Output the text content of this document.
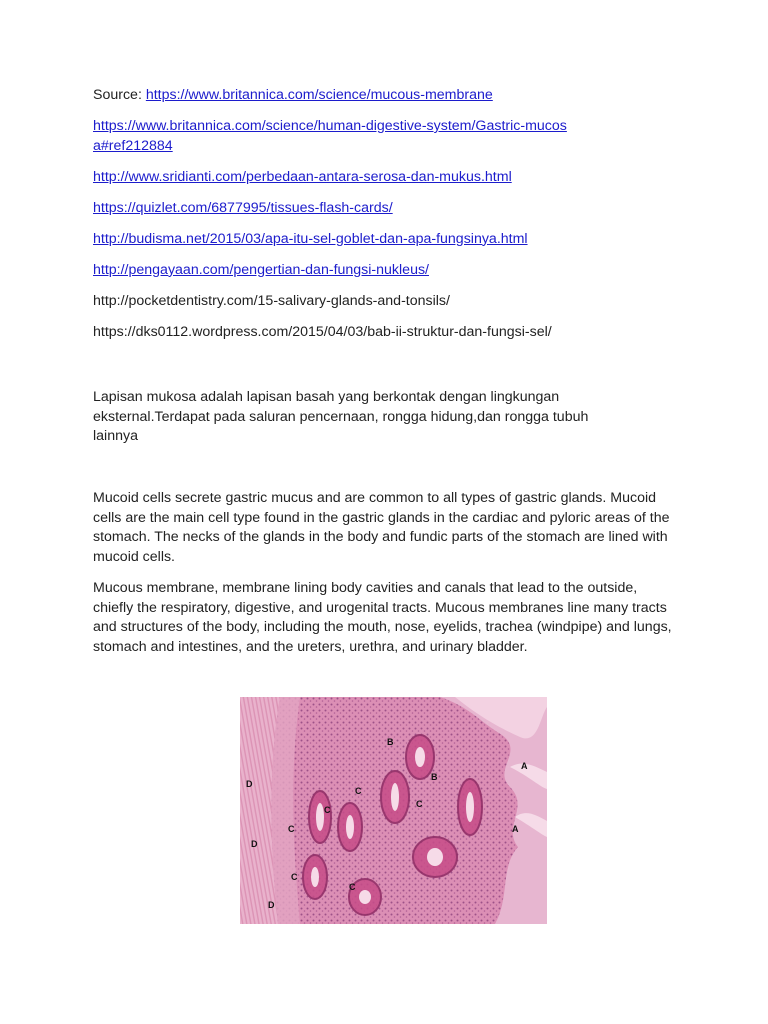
Source: https://www.britannica.com/science/mucous-membrane

https://www.britannica.com/science/human-digestive-system/Gastric-mucosa#ref212884

http://www.sridianti.com/perbedaan-antara-serosa-dan-mukus.html

https://quizlet.com/6877995/tissues-flash-cards/

http://budisma.net/2015/03/apa-itu-sel-goblet-dan-apa-fungsinya.html

http://pengayaan.com/pengertian-dan-fungsi-nukleus/

http://pocketdentistry.com/15-salivary-glands-and-tonsils/

https://dks0112.wordpress.com/2015/04/03/bab-ii-struktur-dan-fungsi-sel/

Lapisan mukosa adalah lapisan basah yang berkontak dengan lingkungan eksternal.Terdapat pada saluran pencernaan, rongga hidung,dan rongga tubuh lainnya

Mucoid cells secrete gastric mucus and are common to all types of gastric glands. Mucoid cells are the main cell type found in the gastric glands in the cardiac and pyloric areas of the stomach. The necks of the glands in the body and fundic parts of the stomach are lined with mucoid cells.

Mucous membrane, membrane lining body cavities and canals that lead to the outside, chiefly the respiratory, digestive, and urogenital tracts. Mucous membranes line many tracts and structures of the body, including the mouth, nose, eyelids, trachea (windpipe) and lungs, stomach and intestines, and the ureters, urethra, and urinary bladder.

B
B
A
A
D
D
D
C
C
C
C
C
C
